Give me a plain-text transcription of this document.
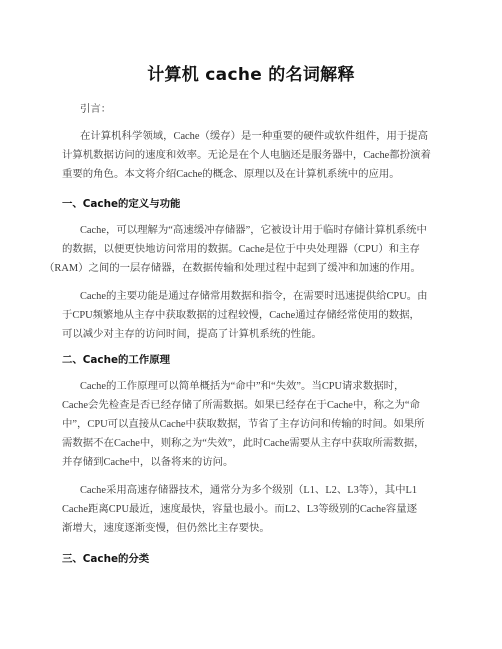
计算机 cache 的名词解释
引言：
在计算机科学领域，Cache（缓存）是一种重要的硬件或软件组件，用于提高
计算机数据访问的速度和效率。无论是在个人电脑还是服务器中，Cache都扮演着
重要的角色。本文将介绍Cache的概念、原理以及在计算机系统中的应用。
一、Cache的定义与功能
Cache，可以理解为“高速缓冲存储器”，它被设计用于临时存储计算机系统中
的数据，以便更快地访问常用的数据。Cache是位于中央处理器（CPU）和主存
（RAM）之间的一层存储器，在数据传输和处理过程中起到了缓冲和加速的作用。
Cache的主要功能是通过存储常用数据和指令，在需要时迅速提供给CPU。由
于CPU频繁地从主存中获取数据的过程较慢，Cache通过存储经常使用的数据，
可以减少对主存的访问时间，提高了计算机系统的性能。
二、Cache的工作原理
Cache的工作原理可以简单概括为“命中”和“失效”。当CPU请求数据时，
Cache会先检查是否已经存储了所需数据。如果已经存在于Cache中，称之为“命
中”，CPU可以直接从Cache中获取数据，节省了主存访问和传输的时间。如果所
需数据不在Cache中，则称之为“失效”，此时Cache需要从主存中获取所需数据，
并存储到Cache中，以备将来的访问。
Cache采用高速存储器技术，通常分为多个级别（L1、L2、L3等），其中L1
Cache距离CPU最近，速度最快，容量也最小。而L2、L3等级别的Cache容量逐
渐增大，速度逐渐变慢，但仍然比主存要快。
三、Cache的分类
